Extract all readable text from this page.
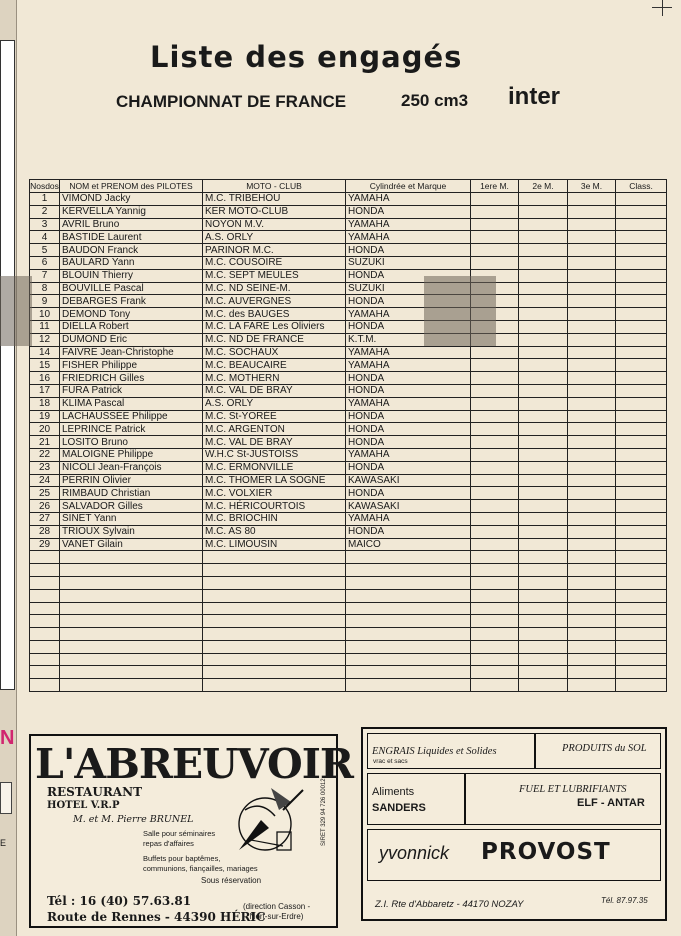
N
E
Liste des engagés
CHAMPIONNAT DE FRANCE	250 cm3 inter
Nosdos	NOM et PRENOM des PILOTES	MOTO - CLUB	Cylindrée et Marque	1ere M.	2e M.	3e M.	Class.
1	VIMOND Jacky	M.C. TRIBEHOU	YAMAHA				
2	KERVELLA Yannig	KER MOTO-CLUB	HONDA				
3	AVRIL Bruno	NOYON M.V.	YAMAHA				
4	BASTIDE Laurent	A.S. ORLY	YAMAHA				
5	BAUDON Franck	PARINOR M.C.	HONDA				
6	BAULARD Yann	M.C. COUSOIRE	SUZUKI				
7	BLOUIN Thierry	M.C. SEPT MEULES	HONDA				
8	BOUVILLE Pascal	M.C. ND SEINE-M.	SUZUKI				
9	DEBARGES Frank	M.C. AUVERGNES	HONDA				
10	DEMOND Tony	M.C. des BAUGES	YAMAHA				
11	DIELLA Robert	M.C. LA FARE Les Oliviers	HONDA				
12	DUMOND Éric	M.C. ND DE FRANCE	K.T.M.				
14	FAIVRE Jean-Christophe	M.C. SOCHAUX	YAMAHA				
15	FISHER Philippe	M.C. BEAUCAIRE	YAMAHA				
16	FRIEDRICH Gilles	M.C. MOTHERN	HONDA				
17	FURA Patrick	M.C. VAL DE BRAY	HONDA				
18	KLIMA Pascal	A.S. ORLY	YAMAHA				
19	LACHAUSSÉE Philippe	M.C. St-YORÉE	HONDA				
20	LEPRINCE Patrick	M.C. ARGENTON	HONDA				
21	LOSITO Bruno	M.C. VAL DE BRAY	HONDA				
22	MALOIGNE Philippe	W.H.C St-JUSTOISS	YAMAHA				
23	NICOLI Jean-François	M.C. ERMONVILLE	HONDA				
24	PERRIN Olivier	M.C. THOMER LA SOGNE	KAWASAKI				
25	RIMBAUD Christian	M.C. VOLXIER	HONDA				
26	SALVADOR Gilles	M.C. HÉRICOURTOIS	KAWASAKI				
27	SINET Yann	M.C. BRIOCHIN	YAMAHA				
28	TRIOUX Sylvain	M.C. AS 80	HONDA				
29	VANET Gilain	M.C. LIMOUSIN	MAICO				

L'ABREUVOIR
RESTAURANT
HOTEL V.R.P
M. et M. Pierre BRUNEL
Salle pour séminaires
repas d'affaires
Buffets pour baptêmes,
communions, fiançailles, mariages
Sous réservation
Tél : 16 (40) 57.63.81
Route de Rennes - 44390 HÉRIC
(direction Casson -
Nort-sur-Erdre)
SIRET 329 94 726 00012
ENGRAIS Liquides et Solides
vrac et sacs
PRODUITS du SOL
Aliments
SANDERS
FUEL ET LUBRIFIANTS
ELF - ANTAR
yvonnick PROVOST
Z.I. Rte d'Abbaretz - 44170 NOZAY	Tél. 87.97.35
